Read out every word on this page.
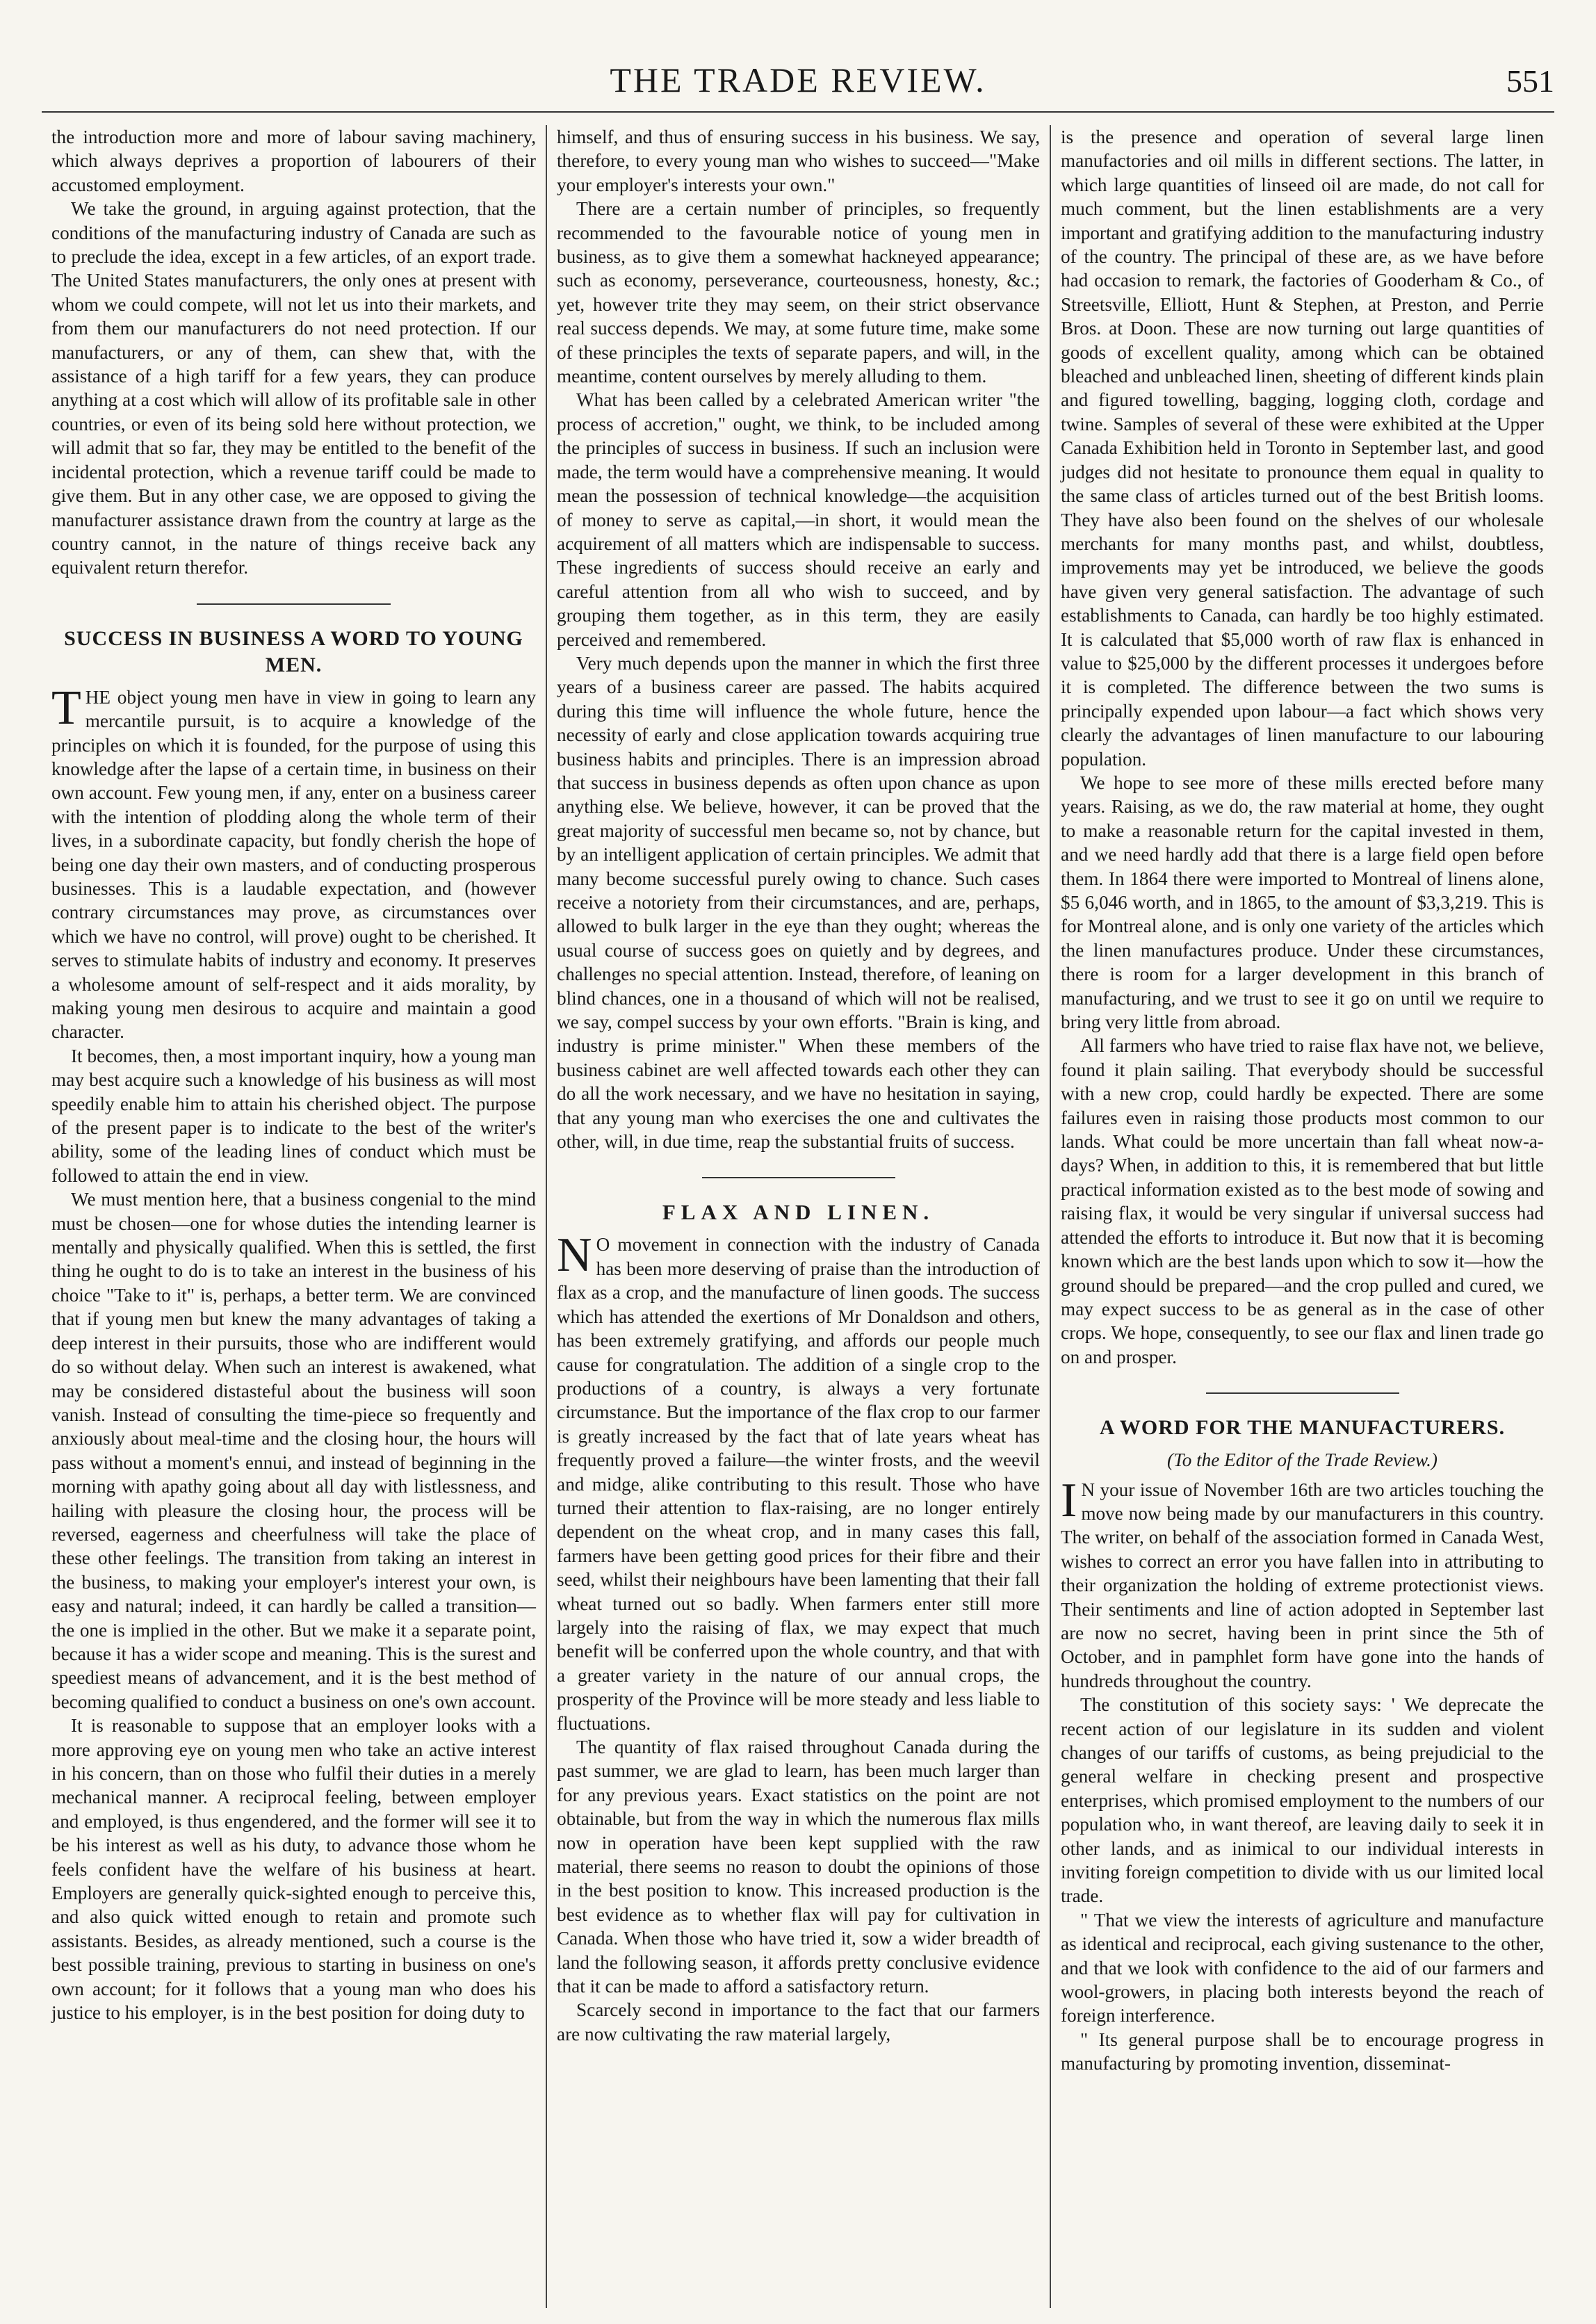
THE TRADE REVIEW.	551

the introduction more and more of labour saving machinery, which always deprives a proportion of labourers of their accustomed employment.

We take the ground, in arguing against protection, that the conditions of the manufacturing industry of Canada are such as to preclude the idea, except in a few articles, of an export trade. The United States manufacturers, the only ones at present with whom we could compete, will not let us into their markets, and from them our manufacturers do not need protection. If our manufacturers, or any of them, can shew that, with the assistance of a high tariff for a few years, they can produce anything at a cost which will allow of its profitable sale in other countries, or even of its being sold here without protection, we will admit that so far, they may be entitled to the benefit of the incidental protection, which a revenue tariff could be made to give them. But in any other case, we are opposed to giving the manufacturer assistance drawn from the country at large as the country cannot, in the nature of things receive back any equivalent return therefor.

SUCCESS IN BUSINESS A WORD TO YOUNG MEN.

THE object young men have in view in going to learn any mercantile pursuit, is to acquire a knowledge of the principles on which it is founded, for the purpose of using this knowledge after the lapse of a certain time, in business on their own account. Few young men, if any, enter on a business career with the intention of plodding along the whole term of their lives, in a subordinate capacity, but fondly cherish the hope of being one day their own masters, and of conducting prosperous businesses. This is a laudable expectation, and (however contrary circumstances may prove, as circumstances over which we have no control, will prove) ought to be cherished. It serves to stimulate habits of industry and economy. It preserves a wholesome amount of self-respect and it aids morality, by making young men desirous to acquire and maintain a good character.

It becomes, then, a most important inquiry, how a young man may best acquire such a knowledge of his business as will most speedily enable him to attain his cherished object. The purpose of the present paper is to indicate to the best of the writer's ability, some of the leading lines of conduct which must be followed to attain the end in view.

We must mention here, that a business congenial to the mind must be chosen—one for whose duties the intending learner is mentally and physically qualified. When this is settled, the first thing he ought to do is to take an interest in the business of his choice "Take to it" is, perhaps, a better term. We are convinced that if young men but knew the many advantages of taking a deep interest in their pursuits, those who are indifferent would do so without delay. When such an interest is awakened, what may be considered distasteful about the business will soon vanish. Instead of consulting the time-piece so frequently and anxiously about meal-time and the closing hour, the hours will pass without a moment's ennui, and instead of beginning in the morning with apathy going about all day with listlessness, and hailing with pleasure the closing hour, the process will be reversed, eagerness and cheerfulness will take the place of these other feelings. The transition from taking an interest in the business, to making your employer's interest your own, is easy and natural; indeed, it can hardly be called a transition—the one is implied in the other. But we make it a separate point, because it has a wider scope and meaning. This is the surest and speediest means of advancement, and it is the best method of becoming qualified to conduct a business on one's own account.

It is reasonable to suppose that an employer looks with a more approving eye on young men who take an active interest in his concern, than on those who fulfil their duties in a merely mechanical manner. A reciprocal feeling, between employer and employed, is thus engendered, and the former will see it to be his interest as well as his duty, to advance those whom he feels confident have the welfare of his business at heart. Employers are generally quick-sighted enough to perceive this, and also quick witted enough to retain and promote such assistants. Besides, as already mentioned, such a course is the best possible training, previous to starting in business on one's own account; for it follows that a young man who does his justice to his employer, is in the best position for doing duty to

himself, and thus of ensuring success in his business. We say, therefore, to every young man who wishes to succeed—"Make your employer's interests your own."

There are a certain number of principles, so frequently recommended to the favourable notice of young men in business, as to give them a somewhat hackneyed appearance; such as economy, perseverance, courteousness, honesty, &c.; yet, however trite they may seem, on their strict observance real success depends. We may, at some future time, make some of these principles the texts of separate papers, and will, in the meantime, content ourselves by merely alluding to them.

What has been called by a celebrated American writer "the process of accretion," ought, we think, to be included among the principles of success in business. If such an inclusion were made, the term would have a comprehensive meaning. It would mean the possession of technical knowledge—the acquisition of money to serve as capital,—in short, it would mean the acquirement of all matters which are indispensable to success. These ingredients of success should receive an early and careful attention from all who wish to succeed, and by grouping them together, as in this term, they are easily perceived and remembered.

Very much depends upon the manner in which the first three years of a business career are passed. The habits acquired during this time will influence the whole future, hence the necessity of early and close application towards acquiring true business habits and principles. There is an impression abroad that success in business depends as often upon chance as upon anything else. We believe, however, it can be proved that the great majority of successful men became so, not by chance, but by an intelligent application of certain principles. We admit that many become successful purely owing to chance. Such cases receive a notoriety from their circumstances, and are, perhaps, allowed to bulk larger in the eye than they ought; whereas the usual course of success goes on quietly and by degrees, and challenges no special attention. Instead, therefore, of leaning on blind chances, one in a thousand of which will not be realised, we say, compel success by your own efforts. "Brain is king, and industry is prime minister." When these members of the business cabinet are well affected towards each other they can do all the work necessary, and we have no hesitation in saying, that any young man who exercises the one and cultivates the other, will, in due time, reap the substantial fruits of success.

FLAX AND LINEN.

N O movement in connection with the industry of Canada has been more deserving of praise than the introduction of flax as a crop, and the manufacture of linen goods. The success which has attended the exertions of Mr Donaldson and others, has been extremely gratifying, and affords our people much cause for congratulation. The addition of a single crop to the productions of a country, is always a very fortunate circumstance. But the importance of the flax crop to our farmer is greatly increased by the fact that of late years wheat has frequently proved a failure—the winter frosts, and the weevil and midge, alike contributing to this result. Those who have turned their attention to flax-raising, are no longer entirely dependent on the wheat crop, and in many cases this fall, farmers have been getting good prices for their fibre and their seed, whilst their neighbours have been lamenting that their fall wheat turned out so badly. When farmers enter still more largely into the raising of flax, we may expect that much benefit will be conferred upon the whole country, and that with a greater variety in the nature of our annual crops, the prosperity of the Province will be more steady and less liable to fluctuations.

The quantity of flax raised throughout Canada during the past summer, we are glad to learn, has been much larger than for any previous years. Exact statistics on the point are not obtainable, but from the way in which the numerous flax mills now in operation have been kept supplied with the raw material, there seems no reason to doubt the opinions of those in the best position to know. This increased production is the best evidence as to whether flax will pay for cultivation in Canada. When those who have tried it, sow a wider breadth of land the following season, it affords pretty conclusive evidence that it can be made to afford a satisfactory return.

Scarcely second in importance to the fact that our farmers are now cultivating the raw material largely,

is the presence and operation of several large linen manufactories and oil mills in different sections. The latter, in which large quantities of linseed oil are made, do not call for much comment, but the linen establishments are a very important and gratifying addition to the manufacturing industry of the country. The principal of these are, as we have before had occasion to remark, the factories of Gooderham & Co., of Streetsville, Elliott, Hunt & Stephen, at Preston, and Perrie Bros. at Doon. These are now turning out large quantities of goods of excellent quality, among which can be obtained bleached and unbleached linen, sheeting of different kinds plain and figured towelling, bagging, logging cloth, cordage and twine. Samples of several of these were exhibited at the Upper Canada Exhibition held in Toronto in September last, and good judges did not hesitate to pronounce them equal in quality to the same class of articles turned out of the best British looms. They have also been found on the shelves of our wholesale merchants for many months past, and whilst, doubtless, improvements may yet be introduced, we believe the goods have given very general satisfaction. The advantage of such establishments to Canada, can hardly be too highly estimated. It is calculated that $5,000 worth of raw flax is enhanced in value to $25,000 by the different processes it undergoes before it is completed. The difference between the two sums is principally expended upon labour—a fact which shows very clearly the advantages of linen manufacture to our labouring population.

We hope to see more of these mills erected before many years. Raising, as we do, the raw material at home, they ought to make a reasonable return for the capital invested in them, and we need hardly add that there is a large field open before them. In 1864 there were imported to Montreal of linens alone, $5 6,046 worth, and in 1865, to the amount of $3,3,219. This is for Montreal alone, and is only one variety of the articles which the linen manufactures produce. Under these circumstances, there is room for a larger development in this branch of manufacturing, and we trust to see it go on until we require to bring very little from abroad.

All farmers who have tried to raise flax have not, we believe, found it plain sailing. That everybody should be successful with a new crop, could hardly be expected. There are some failures even in raising those products most common to our lands. What could be more uncertain than fall wheat now-a-days? When, in addition to this, it is remembered that but little practical information existed as to the best mode of sowing and raising flax, it would be very singular if universal success had attended the efforts to introduce it. But now that it is becoming known which are the best lands upon which to sow it—how the ground should be prepared—and the crop pulled and cured, we may expect success to be as general as in the case of other crops. We hope, consequently, to see our flax and linen trade go on and prosper.

A WORD FOR THE MANUFACTURERS.
(To the Editor of the Trade Review.)

I N your issue of November 16th are two articles touching the move now being made by our manufacturers in this country. The writer, on behalf of the association formed in Canada West, wishes to correct an error you have fallen into in attributing to their organization the holding of extreme protectionist views. Their sentiments and line of action adopted in September last are now no secret, having been in print since the 5th of October, and in pamphlet form have gone into the hands of hundreds throughout the country.

The constitution of this society says: ' We deprecate the recent action of our legislature in its sudden and violent changes of our tariffs of customs, as being prejudicial to the general welfare in checking present and prospective enterprises, which promised employment to the numbers of our population who, in want thereof, are leaving daily to seek it in other lands, and as inimical to our individual interests in inviting foreign competition to divide with us our limited local trade.

" That we view the interests of agriculture and manufacture as identical and reciprocal, each giving sustenance to the other, and that we look with confidence to the aid of our farmers and wool-growers, in placing both interests beyond the reach of foreign interference.

" Its general purpose shall be to encourage progress in manufacturing by promoting invention, disseminat-
